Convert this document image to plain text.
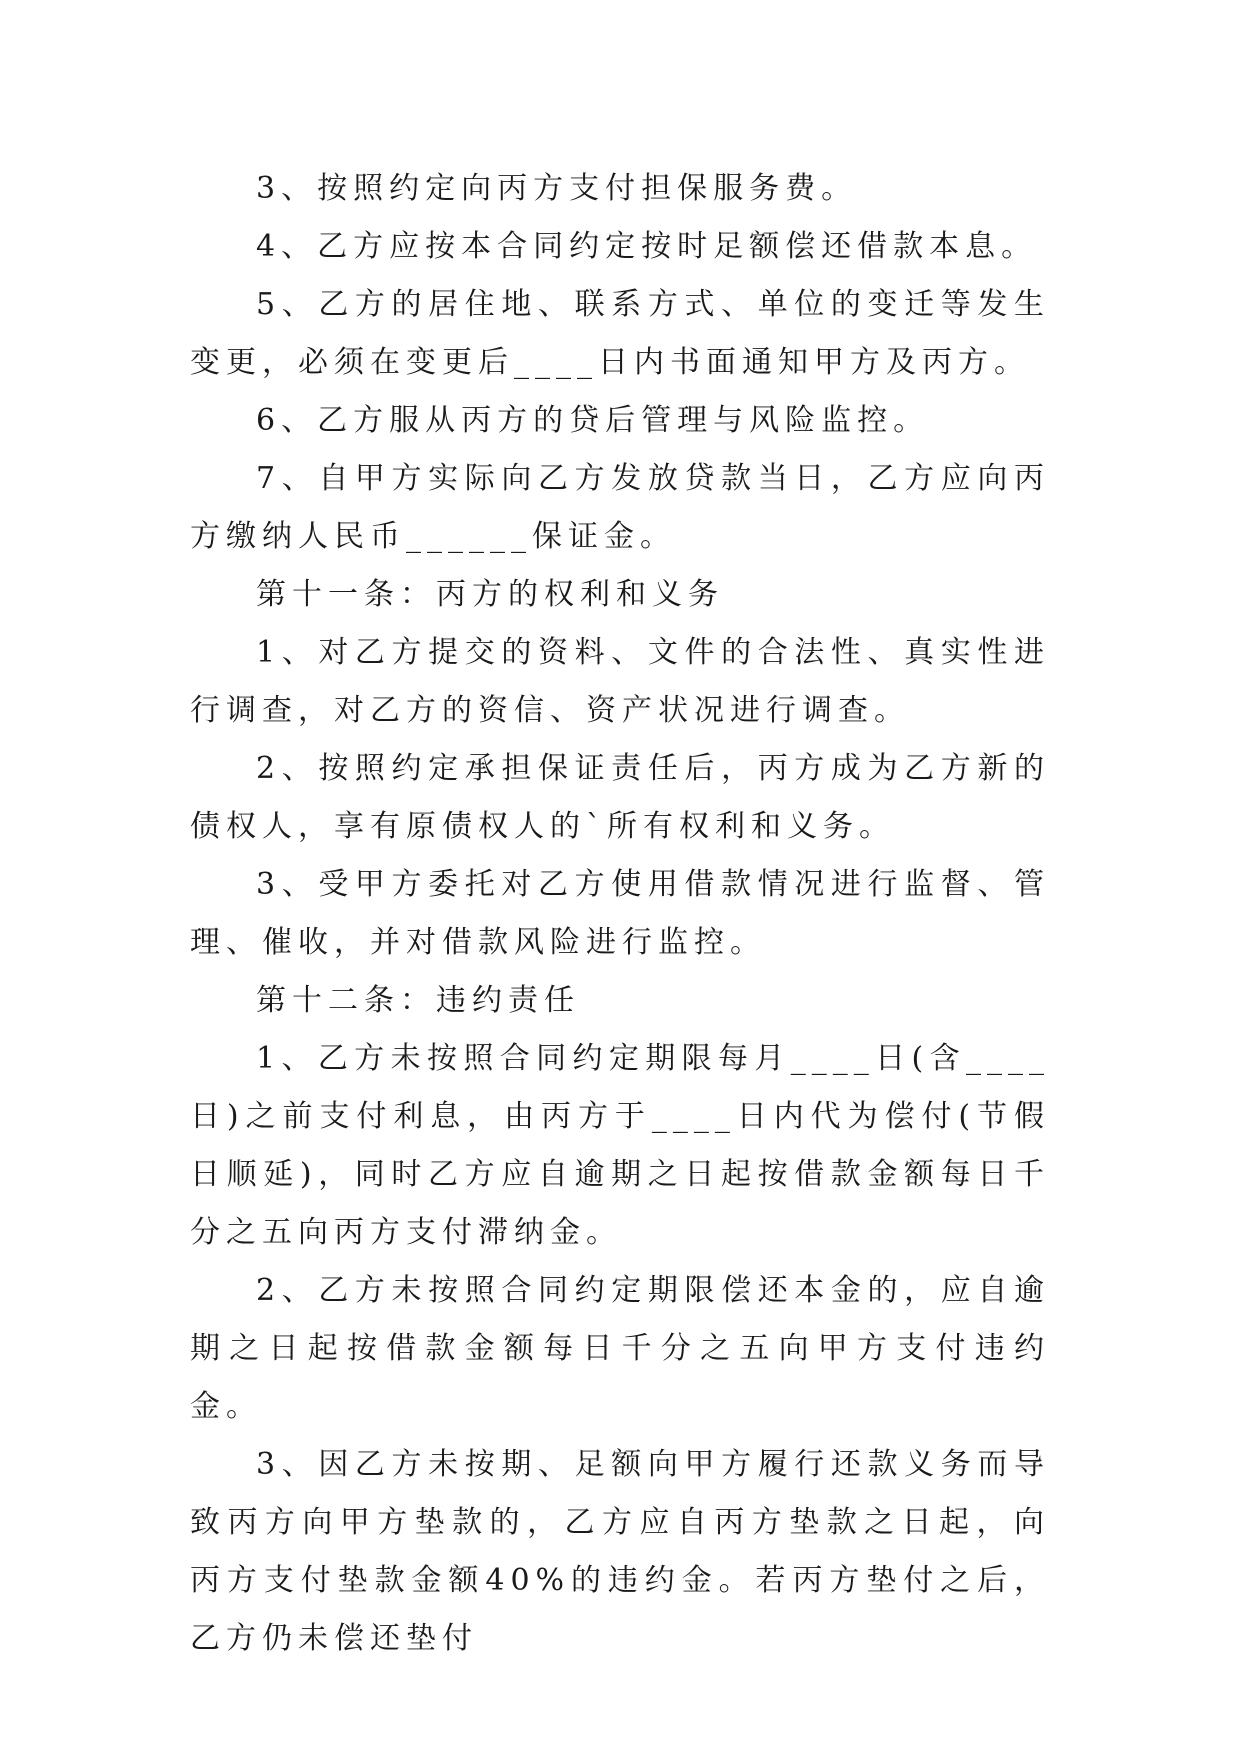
3、按照约定向丙方支付担保服务费。

4、乙方应按本合同约定按时足额偿还借款本息。

5、乙方的居住地、联系方式、单位的变迁等发生变更，必须在变更后____日内书面通知甲方及丙方。

6、乙方服从丙方的贷后管理与风险监控。

7、自甲方实际向乙方发放贷款当日，乙方应向丙方缴纳人民币______保证金。

第十一条：丙方的权利和义务

1、对乙方提交的资料、文件的合法性、真实性进行调查，对乙方的资信、资产状况进行调查。

2、按照约定承担保证责任后，丙方成为乙方新的债权人，享有原债权人的`所有权利和义务。

3、受甲方委托对乙方使用借款情况进行监督、管理、催收，并对借款风险进行监控。

第十二条：违约责任

1、乙方未按照合同约定期限每月____日(含____日)之前支付利息，由丙方于____日内代为偿付(节假日顺延)，同时乙方应自逾期之日起按借款金额每日千分之五向丙方支付滞纳金。

2、乙方未按照合同约定期限偿还本金的，应自逾期之日起按借款金额每日千分之五向甲方支付违约金。

3、因乙方未按期、足额向甲方履行还款义务而导致丙方向甲方垫款的，乙方应自丙方垫款之日起，向丙方支付垫款金额40%的违约金。若丙方垫付之后，乙方仍未偿还垫付
